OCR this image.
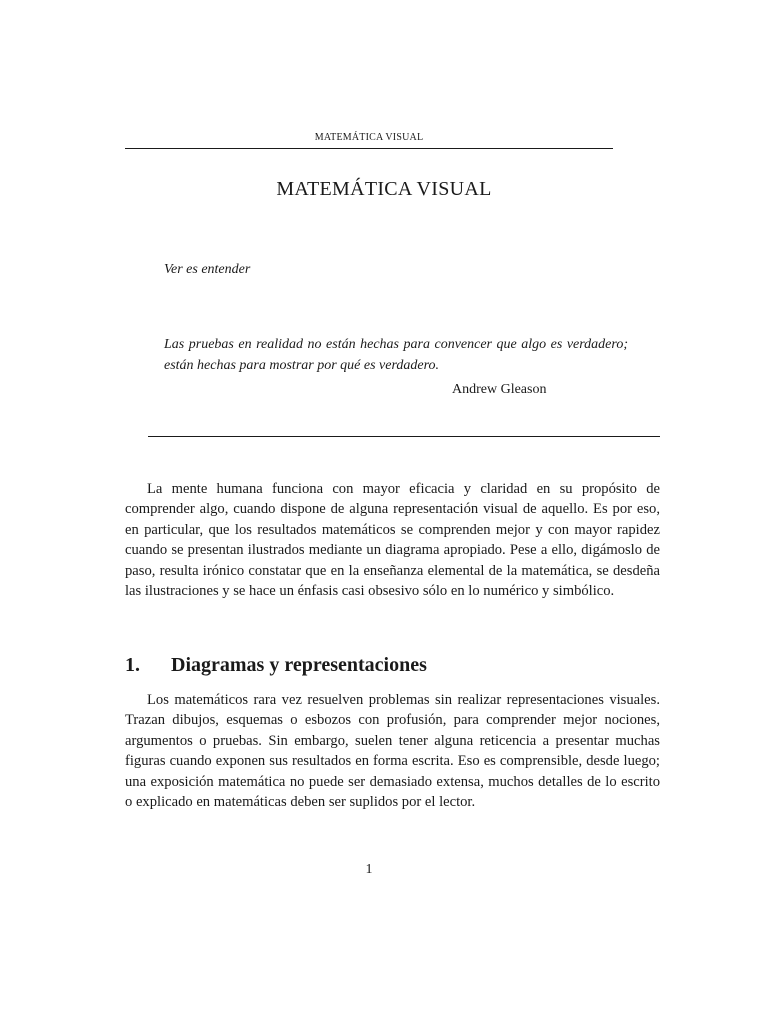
MATEMÁTICA VISUAL
MATEMÁTICA VISUAL
Ver es entender
Las pruebas en realidad no están hechas para convencer que algo es verdadero; están hechas para mostrar por qué es verdadero.
Andrew Gleason

La mente humana funciona con mayor eficacia y claridad en su propósito de comprender algo, cuando dispone de alguna representación visual de aquello. Es por eso, en particular, que los resultados matemáticos se comprenden mejor y con mayor rapidez cuando se presentan ilustrados mediante un diagrama apropiado. Pese a ello, digámoslo de paso, resulta irónico constatar que en la enseñanza elemental de la matemática, se desdeña las ilustraciones y se hace un énfasis casi obsesivo sólo en lo numérico y simbólico.

1. Diagramas y representaciones

Los matemáticos rara vez resuelven problemas sin realizar representaciones visuales. Trazan dibujos, esquemas o esbozos con profusión, para comprender mejor nociones, argumentos o pruebas. Sin embargo, suelen tener alguna reticencia a presentar muchas figuras cuando exponen sus resultados en forma escrita. Eso es comprensible, desde luego; una exposición matemática no puede ser demasiado extensa, muchos detalles de lo escrito o explicado en matemáticas deben ser suplidos por el lector.

1
